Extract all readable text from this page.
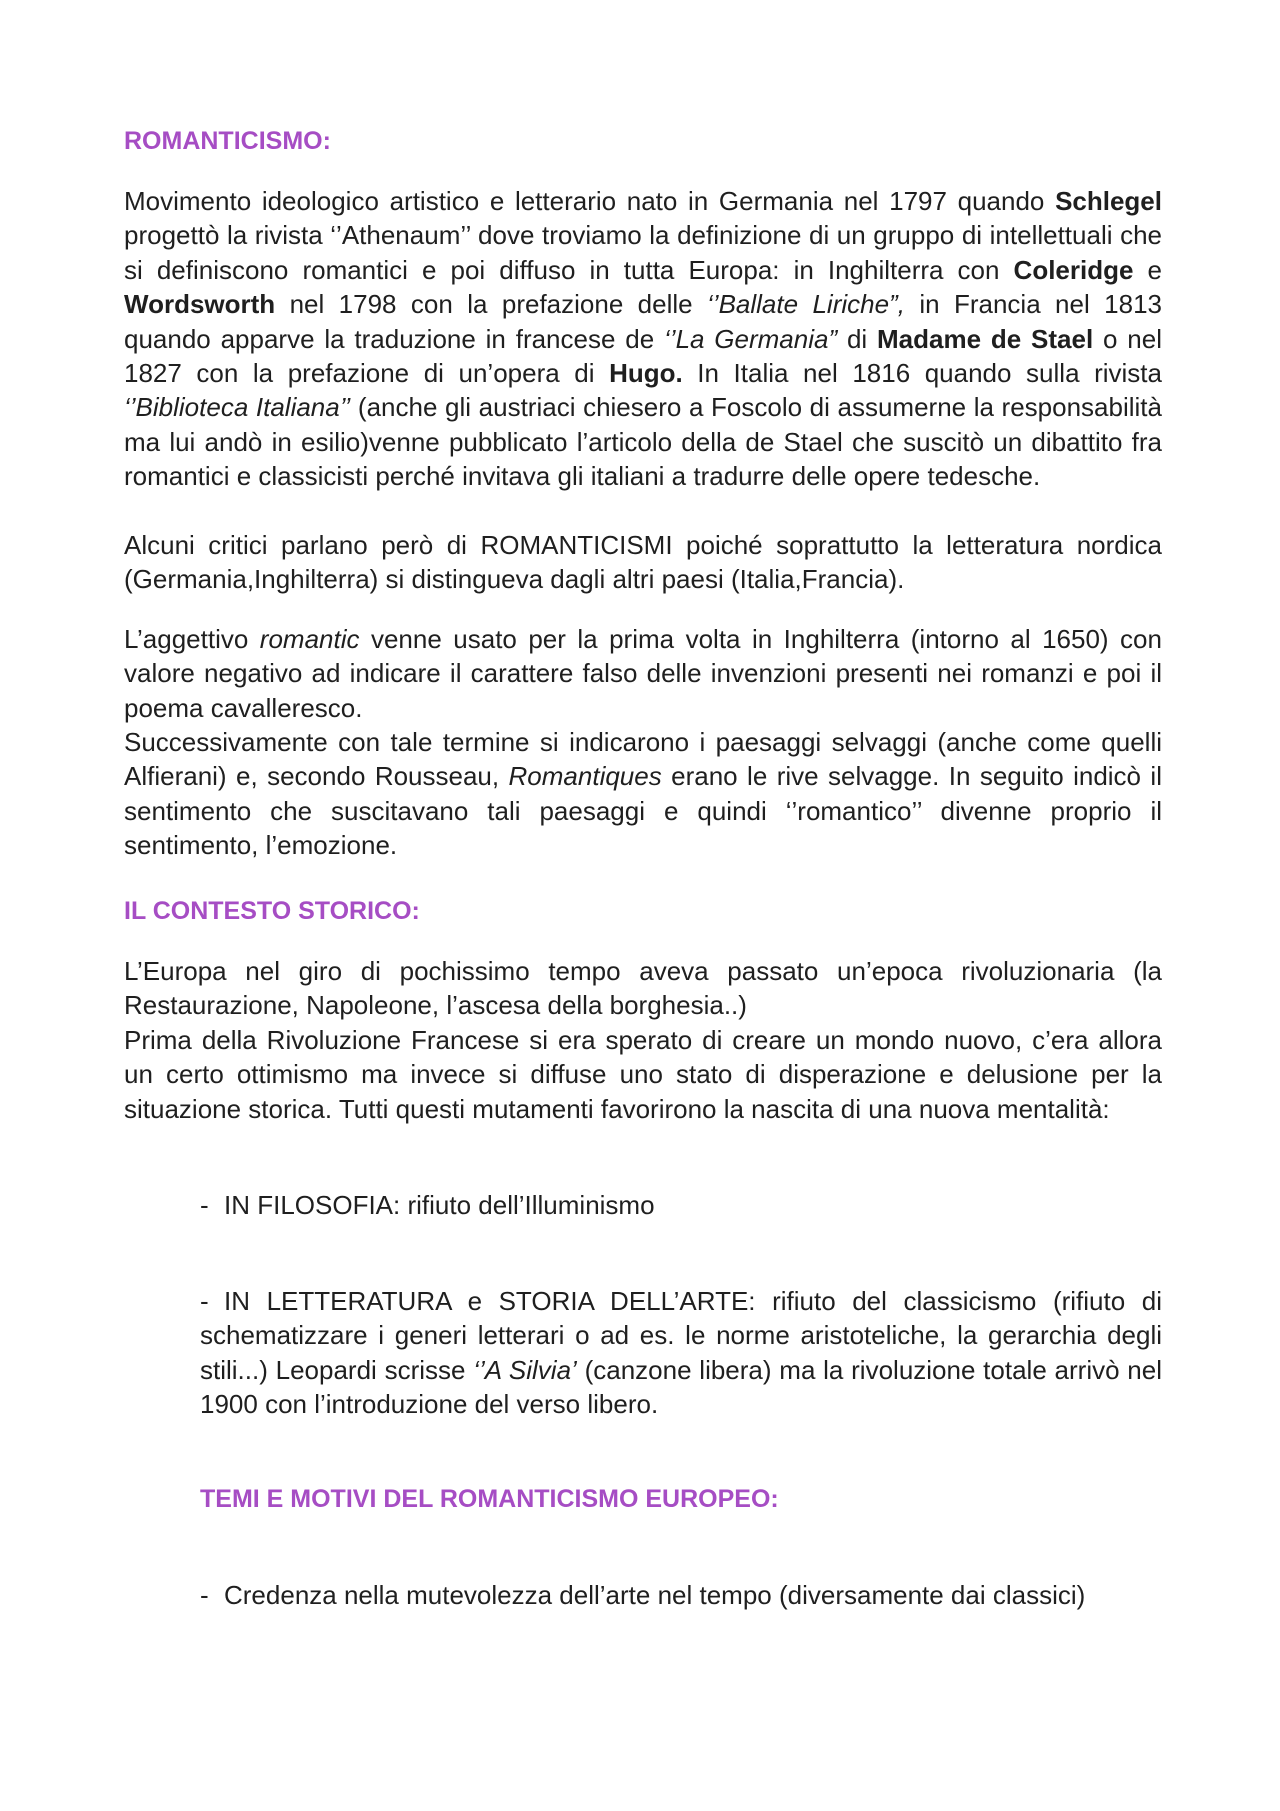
ROMANTICISMO:

Movimento ideologico artistico e letterario nato in Germania nel 1797 quando Schlegel progettò la rivista ‘’Athenaum’’ dove troviamo la definizione di un gruppo di intellettuali che si definiscono romantici e poi diffuso in tutta Europa: in Inghilterra con Coleridge e Wordsworth nel 1798 con la prefazione delle ‘’Ballate Liriche”, in Francia nel 1813 quando apparve la traduzione in francese de ‘’La Germania” di Madame de Stael o nel 1827 con la prefazione di un’opera di Hugo. In Italia nel 1816 quando sulla rivista ‘’Biblioteca Italiana’’ (anche gli austriaci chiesero a Foscolo di assumerne la responsabilità ma lui andò in esilio)venne pubblicato l’articolo della de Stael che suscitò un dibattito fra romantici e classicisti perché invitava gli italiani a tradurre delle opere tedesche.

Alcuni critici parlano però di ROMANTICISMI poiché soprattutto la letteratura nordica (Germania,Inghilterra) si distingueva dagli altri paesi (Italia,Francia).

L’aggettivo romantic venne usato per la prima volta in Inghilterra (intorno al 1650) con valore negativo ad indicare il carattere falso delle invenzioni presenti nei romanzi e poi il poema cavalleresco.

Successivamente con tale termine si indicarono i paesaggi selvaggi (anche come quelli Alfierani) e, secondo Rousseau, Romantiques erano le rive selvagge. In seguito indicò il sentimento che suscitavano tali paesaggi e quindi ‘’romantico’’ divenne proprio il sentimento, l’emozione.

IL CONTESTO STORICO:

L’Europa nel giro di pochissimo tempo aveva passato un’epoca rivoluzionaria (la Restaurazione, Napoleone, l’ascesa della borghesia..)

Prima della Rivoluzione Francese si era sperato di creare un mondo nuovo, c’era allora un certo ottimismo ma invece si diffuse uno stato di disperazione e delusione per la situazione storica. Tutti questi mutamenti favorirono la nascita di una nuova mentalità:

- IN FILOSOFIA: rifiuto dell’Illuminismo

- IN LETTERATURA e STORIA DELL’ARTE: rifiuto del classicismo (rifiuto di schematizzare i generi letterari o ad es. le norme aristoteliche, la gerarchia degli stili...) Leopardi scrisse ‘’A Silvia’ (canzone libera) ma la rivoluzione totale arrivò nel 1900 con l’introduzione del verso libero.

TEMI E MOTIVI DEL ROMANTICISMO EUROPEO:

- Credenza nella mutevolezza dell’arte nel tempo (diversamente dai classici)
